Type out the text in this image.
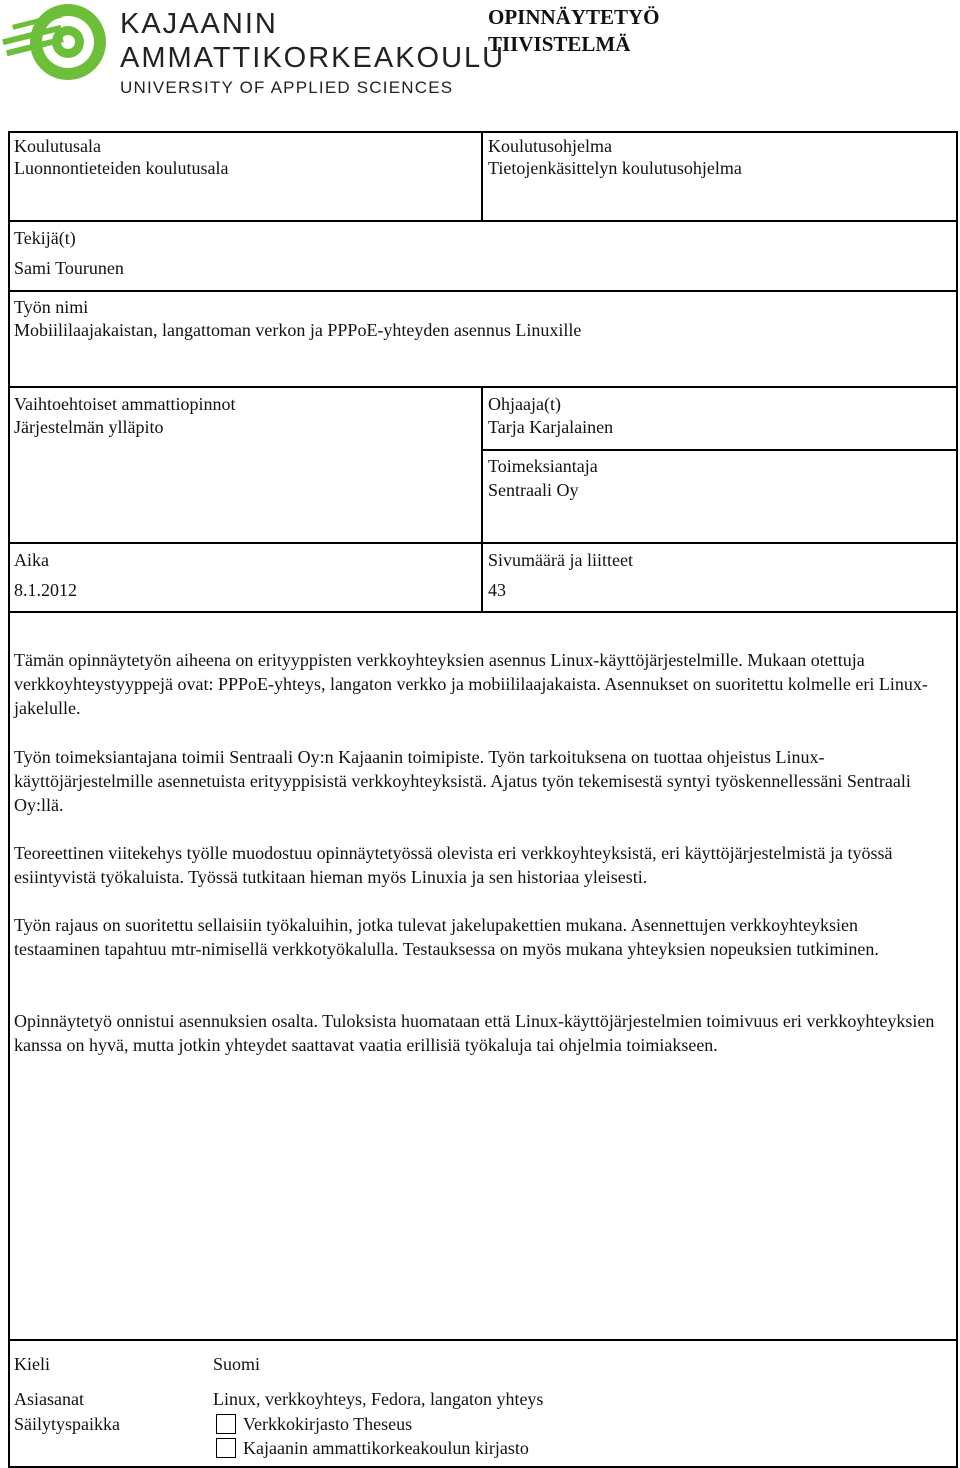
KAJAANIN
AMMATTIKORKEAKOULU
UNIVERSITY OF APPLIED SCIENCES
OPINNÄYTETYÖ
TIIVISTELMÄ
Koulutusala
Luonnontieteiden koulutusala
Koulutusohjelma
Tietojenkäsittelyn koulutusohjelma
Tekijä(t)
Sami Tourunen
Työn nimi
Mobiililaajakaistan, langattoman verkon ja PPPoE-yhteyden asennus Linuxille
Vaihtoehtoiset ammattiopinnot
Järjestelmän ylläpito
Ohjaaja(t)
Tarja Karjalainen
Toimeksiantaja
Sentraali Oy
Aika
8.1.2012
Sivumäärä ja liitteet
43
Tämän opinnäytetyön aiheena on erityyppisten verkkoyhteyksien asennus Linux-käyttöjärjestelmille. Mukaan otettuja verkkoyhteystyyppejä ovat: PPPoE-yhteys, langaton verkko ja mobiililaajakaista. Asennukset on suoritettu kolmelle eri Linux-jakelulle.
Työn toimeksiantajana toimii Sentraali Oy:n Kajaanin toimipiste. Työn tarkoituksena on tuottaa ohjeistus Linux-käyttöjärjestelmille asennetuista erityyppisistä verkkoyhteyksistä. Ajatus työn tekemisestä syntyi työskennellessäni Sentraali Oy:llä.
Teoreettinen viitekehys työlle muodostuu opinnäytetyössä olevista eri verkkoyhteyksistä, eri käyttöjärjestelmistä ja työssä esiintyvistä työkaluista. Työssä tutkitaan hieman myös Linuxia ja sen historiaa yleisesti.
Työn rajaus on suoritettu sellaisiin työkaluihin, jotka tulevat jakelupakettien mukana. Asennettujen verkkoyhteyksien testaaminen tapahtuu mtr-nimisellä verkkotyökalulla. Testauksessa on myös mukana yhteyksien nopeuksien tutkiminen.
Opinnäytetyö onnistui asennuksien osalta. Tuloksista huomataan että Linux-käyttöjärjestelmien toimivuus eri verkkoyhteyksien kanssa on hyvä, mutta jotkin yhteydet saattavat vaatia erillisiä työkaluja tai ohjelmia toimiakseen.
Kieli	Suomi
Asiasanat	Linux, verkkoyhteys, Fedora, langaton yhteys
Säilytyspaikka	Verkkokirjasto Theseus
Kajaanin ammattikorkeakoulun kirjasto
